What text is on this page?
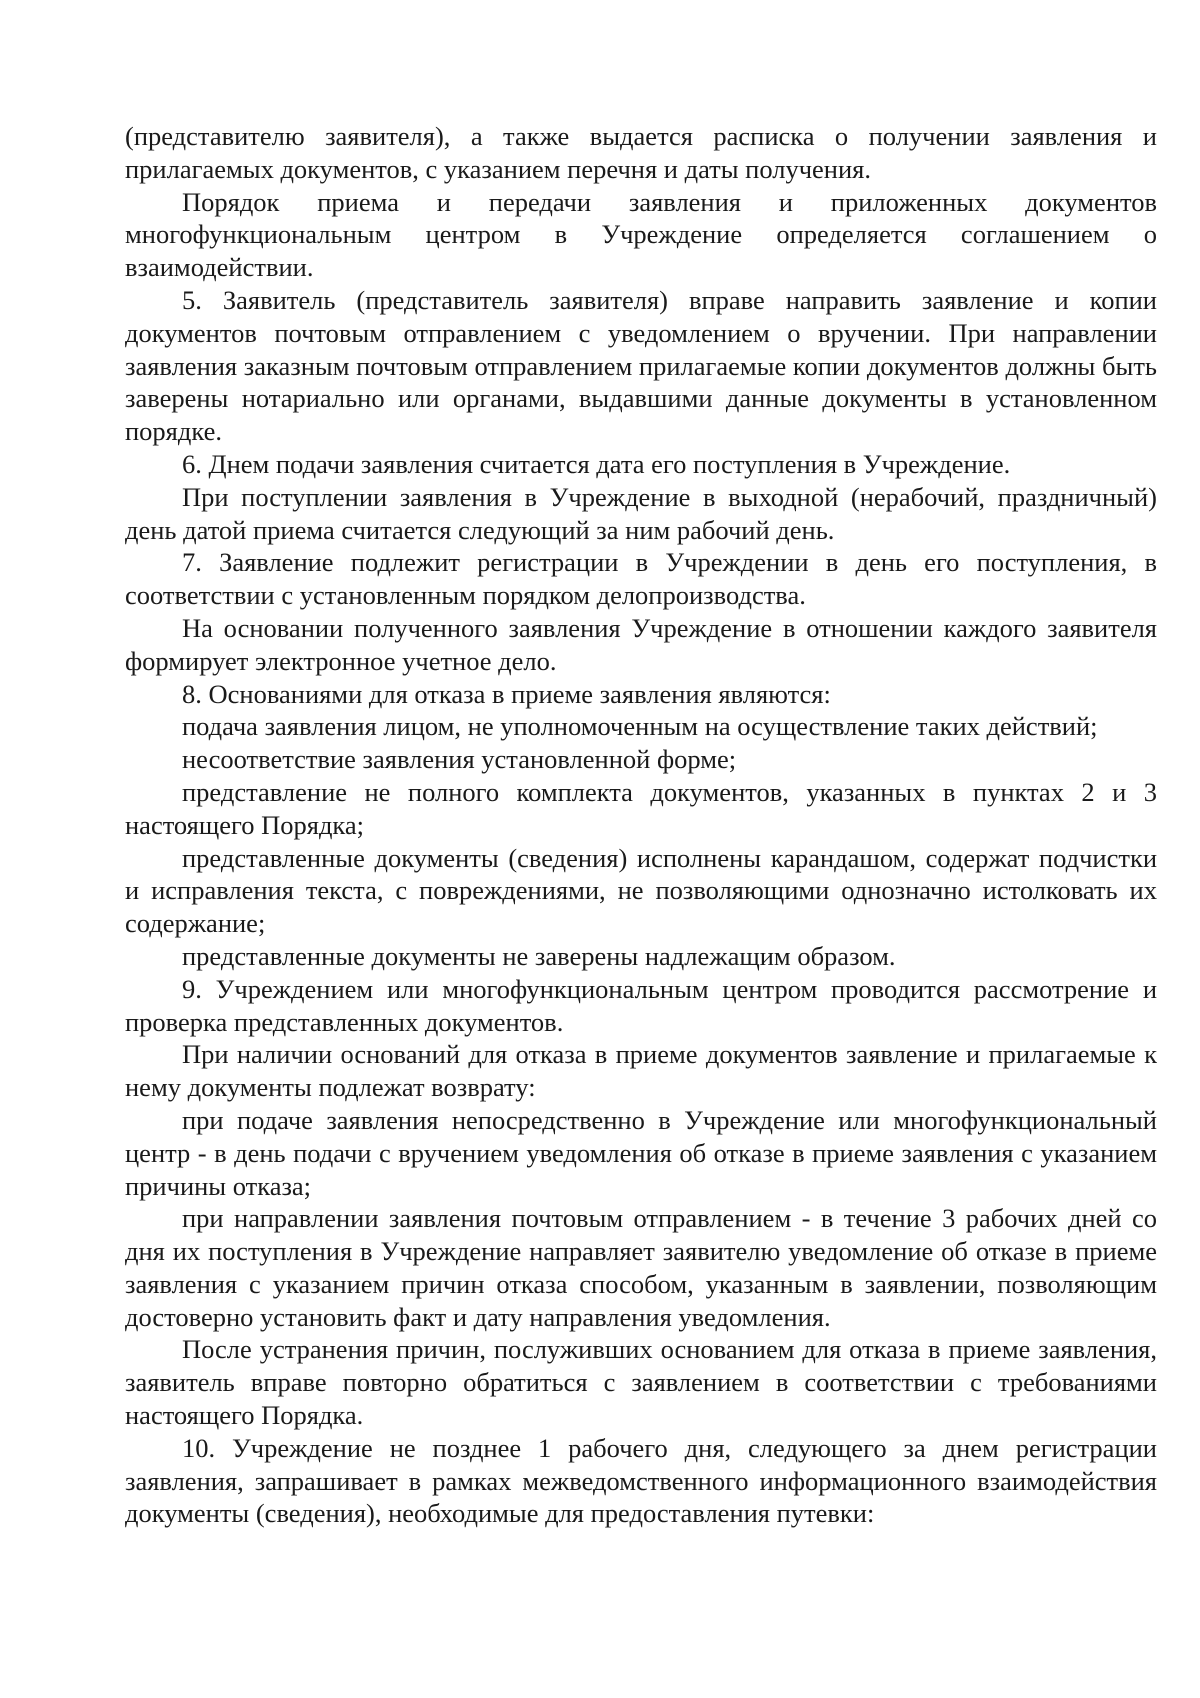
(представителю заявителя), а также выдается расписка о получении заявления и прилагаемых документов, с указанием перечня и даты получения.

Порядок приема и передачи заявления и приложенных документов многофункциональным центром в Учреждение определяется соглашением о взаимодействии.

5. Заявитель (представитель заявителя) вправе направить заявление и копии документов почтовым отправлением с уведомлением о вручении. При направлении заявления заказным почтовым отправлением прилагаемые копии документов должны быть заверены нотариально или органами, выдавшими данные документы в установленном порядке.

6. Днем подачи заявления считается дата его поступления в Учреждение.

При поступлении заявления в Учреждение в выходной (нерабочий, праздничный) день датой приема считается следующий за ним рабочий день.

7. Заявление подлежит регистрации в Учреждении в день его поступления, в соответствии с установленным порядком делопроизводства.

На основании полученного заявления Учреждение в отношении каждого заявителя формирует электронное учетное дело.

8. Основаниями для отказа в приеме заявления являются:

подача заявления лицом, не уполномоченным на осуществление таких действий;

несоответствие заявления установленной форме;

представление не полного комплекта документов, указанных в пунктах 2 и 3 настоящего Порядка;

представленные документы (сведения) исполнены карандашом, содержат подчистки и исправления текста, с повреждениями, не позволяющими однозначно истолковать их содержание;

представленные документы не заверены надлежащим образом.

9. Учреждением или многофункциональным центром проводится рассмотрение и проверка представленных документов.

При наличии оснований для отказа в приеме документов заявление и прилагаемые к нему документы подлежат возврату:

при подаче заявления непосредственно в Учреждение или многофункциональный центр - в день подачи с вручением уведомления об отказе в приеме заявления с указанием причины отказа;

при направлении заявления почтовым отправлением - в течение 3 рабочих дней со дня их поступления в Учреждение направляет заявителю уведомление об отказе в приеме заявления с указанием причин отказа способом, указанным в заявлении, позволяющим достоверно установить факт и дату направления уведомления.

После устранения причин, послуживших основанием для отказа в приеме заявления, заявитель вправе повторно обратиться с заявлением в соответствии с требованиями настоящего Порядка.

10. Учреждение не позднее 1 рабочего дня, следующего за днем регистрации заявления, запрашивает в рамках межведомственного информационного взаимодействия документы (сведения), необходимые для предоставления путевки:
